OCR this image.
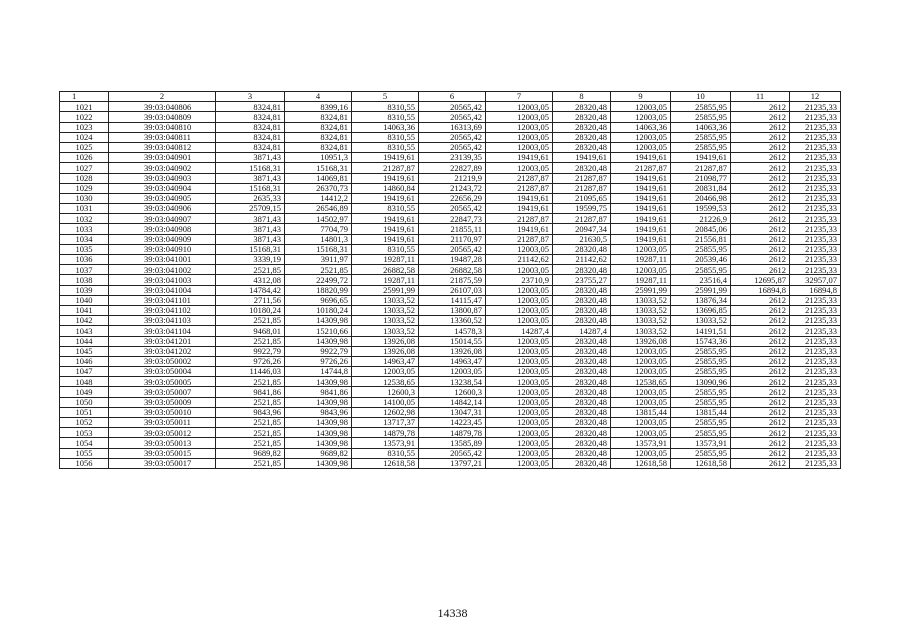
1	2	3	4	5	6	7	8	9	10	11	12
1021	39:03:040806	8324,81	8399,16	8310,55	20565,42	12003,05	28320,48	12003,05	25855,95	2612	21235,33
1022	39:03:040809	8324,81	8324,81	8310,55	20565,42	12003,05	28320,48	12003,05	25855,95	2612	21235,33
1023	39:03:040810	8324,81	8324,81	14063,36	16313,69	12003,05	28320,48	14063,36	14063,36	2612	21235,33
1024	39:03:040811	8324,81	8324,81	8310,55	20565,42	12003,05	28320,48	12003,05	25855,95	2612	21235,33
1025	39:03:040812	8324,81	8324,81	8310,55	20565,42	12003,05	28320,48	12003,05	25855,95	2612	21235,33
1026	39:03:040901	3871,43	10951,3	19419,61	23139,35	19419,61	19419,61	19419,61	19419,61	2612	21235,33
1027	39:03:040902	15168,31	15168,31	21287,87	22827,89	12003,05	28320,48	21287,87	21287,87	2612	21235,33
1028	39:03:040903	3871,43	14069,81	19419,61	21219,9	21287,87	21287,87	19419,61	21098,77	2612	21235,33
1029	39:03:040904	15168,31	26370,73	14860,84	21243,72	21287,87	21287,87	19419,61	20831,84	2612	21235,33
1030	39:03:040905	2635,33	14412,2	19419,61	22656,29	19419,61	21095,65	19419,61	20466,98	2612	21235,33
1031	39:03:040906	25709,15	26546,89	8310,55	20565,42	19419,61	19599,75	19419,61	19599,53	2612	21235,33
1032	39:03:040907	3871,43	14502,97	19419,61	22847,73	21287,87	21287,87	19419,61	21226,9	2612	21235,33
1033	39:03:040908	3871,43	7704,79	19419,61	21855,11	19419,61	20947,34	19419,61	20845,06	2612	21235,33
1034	39:03:040909	3871,43	14801,3	19419,61	21170,97	21287,87	21630,5	19419,61	21556,81	2612	21235,33
1035	39:03:040910	15168,31	15168,31	8310,55	20565,42	12003,05	28320,48	12003,05	25855,95	2612	21235,33
1036	39:03:041001	3339,19	3911,97	19287,11	19487,28	21142,62	21142,62	19287,11	20539,46	2612	21235,33
1037	39:03:041002	2521,85	2521,85	26882,58	26882,58	12003,05	28320,48	12003,05	25855,95	2612	21235,33
1038	39:03:041003	4312,08	22499,72	19287,11	21875,59	23710,9	23755,27	19287,11	23516,4	12695,87	32957,07
1039	39:03:041004	14784,42	18820,99	25991,99	26107,03	12003,05	28320,48	25991,99	25991,99	16894,8	16894,8
1040	39:03:041101	2711,56	9696,65	13033,52	14115,47	12003,05	28320,48	13033,52	13876,34	2612	21235,33
1041	39:03:041102	10180,24	10180,24	13033,52	13800,87	12003,05	28320,48	13033,52	13696,85	2612	21235,33
1042	39:03:041103	2521,85	14309,98	13033,52	13360,52	12003,05	28320,48	13033,52	13033,52	2612	21235,33
1043	39:03:041104	9468,01	15210,66	13033,52	14578,3	14287,4	14287,4	13033,52	14191,51	2612	21235,33
1044	39:03:041201	2521,85	14309,98	13926,08	15014,55	12003,05	28320,48	13926,08	15743,36	2612	21235,33
1045	39:03:041202	9922,79	9922,79	13926,08	13926,08	12003,05	28320,48	12003,05	25855,95	2612	21235,33
1046	39:03:050002	9726,26	9726,26	14963,47	14963,47	12003,05	28320,48	12003,05	25855,95	2612	21235,33
1047	39:03:050004	11446,03	14744,8	12003,05	12003,05	12003,05	28320,48	12003,05	25855,95	2612	21235,33
1048	39:03:050005	2521,85	14309,98	12538,65	13238,54	12003,05	28320,48	12538,65	13090,96	2612	21235,33
1049	39:03:050007	9841,86	9841,86	12600,3	12600,3	12003,05	28320,48	12003,05	25855,95	2612	21235,33
1050	39:03:050009	2521,85	14309,98	14100,05	14842,14	12003,05	28320,48	12003,05	25855,95	2612	21235,33
1051	39:03:050010	9843,96	9843,96	12602,98	13047,31	12003,05	28320,48	13815,44	13815,44	2612	21235,33
1052	39:03:050011	2521,85	14309,98	13717,37	14223,45	12003,05	28320,48	12003,05	25855,95	2612	21235,33
1053	39:03:050012	2521,85	14309,98	14879,78	14879,78	12003,05	28320,48	12003,05	25855,95	2612	21235,33
1054	39:03:050013	2521,85	14309,98	13573,91	13585,89	12003,05	28320,48	13573,91	13573,91	2612	21235,33
1055	39:03:050015	9689,82	9689,82	8310,55	20565,42	12003,05	28320,48	12003,05	25855,95	2612	21235,33
1056	39:03:050017	2521,85	14309,98	12618,58	13797,21	12003,05	28320,48	12618,58	12618,58	2612	21235,33
14338
